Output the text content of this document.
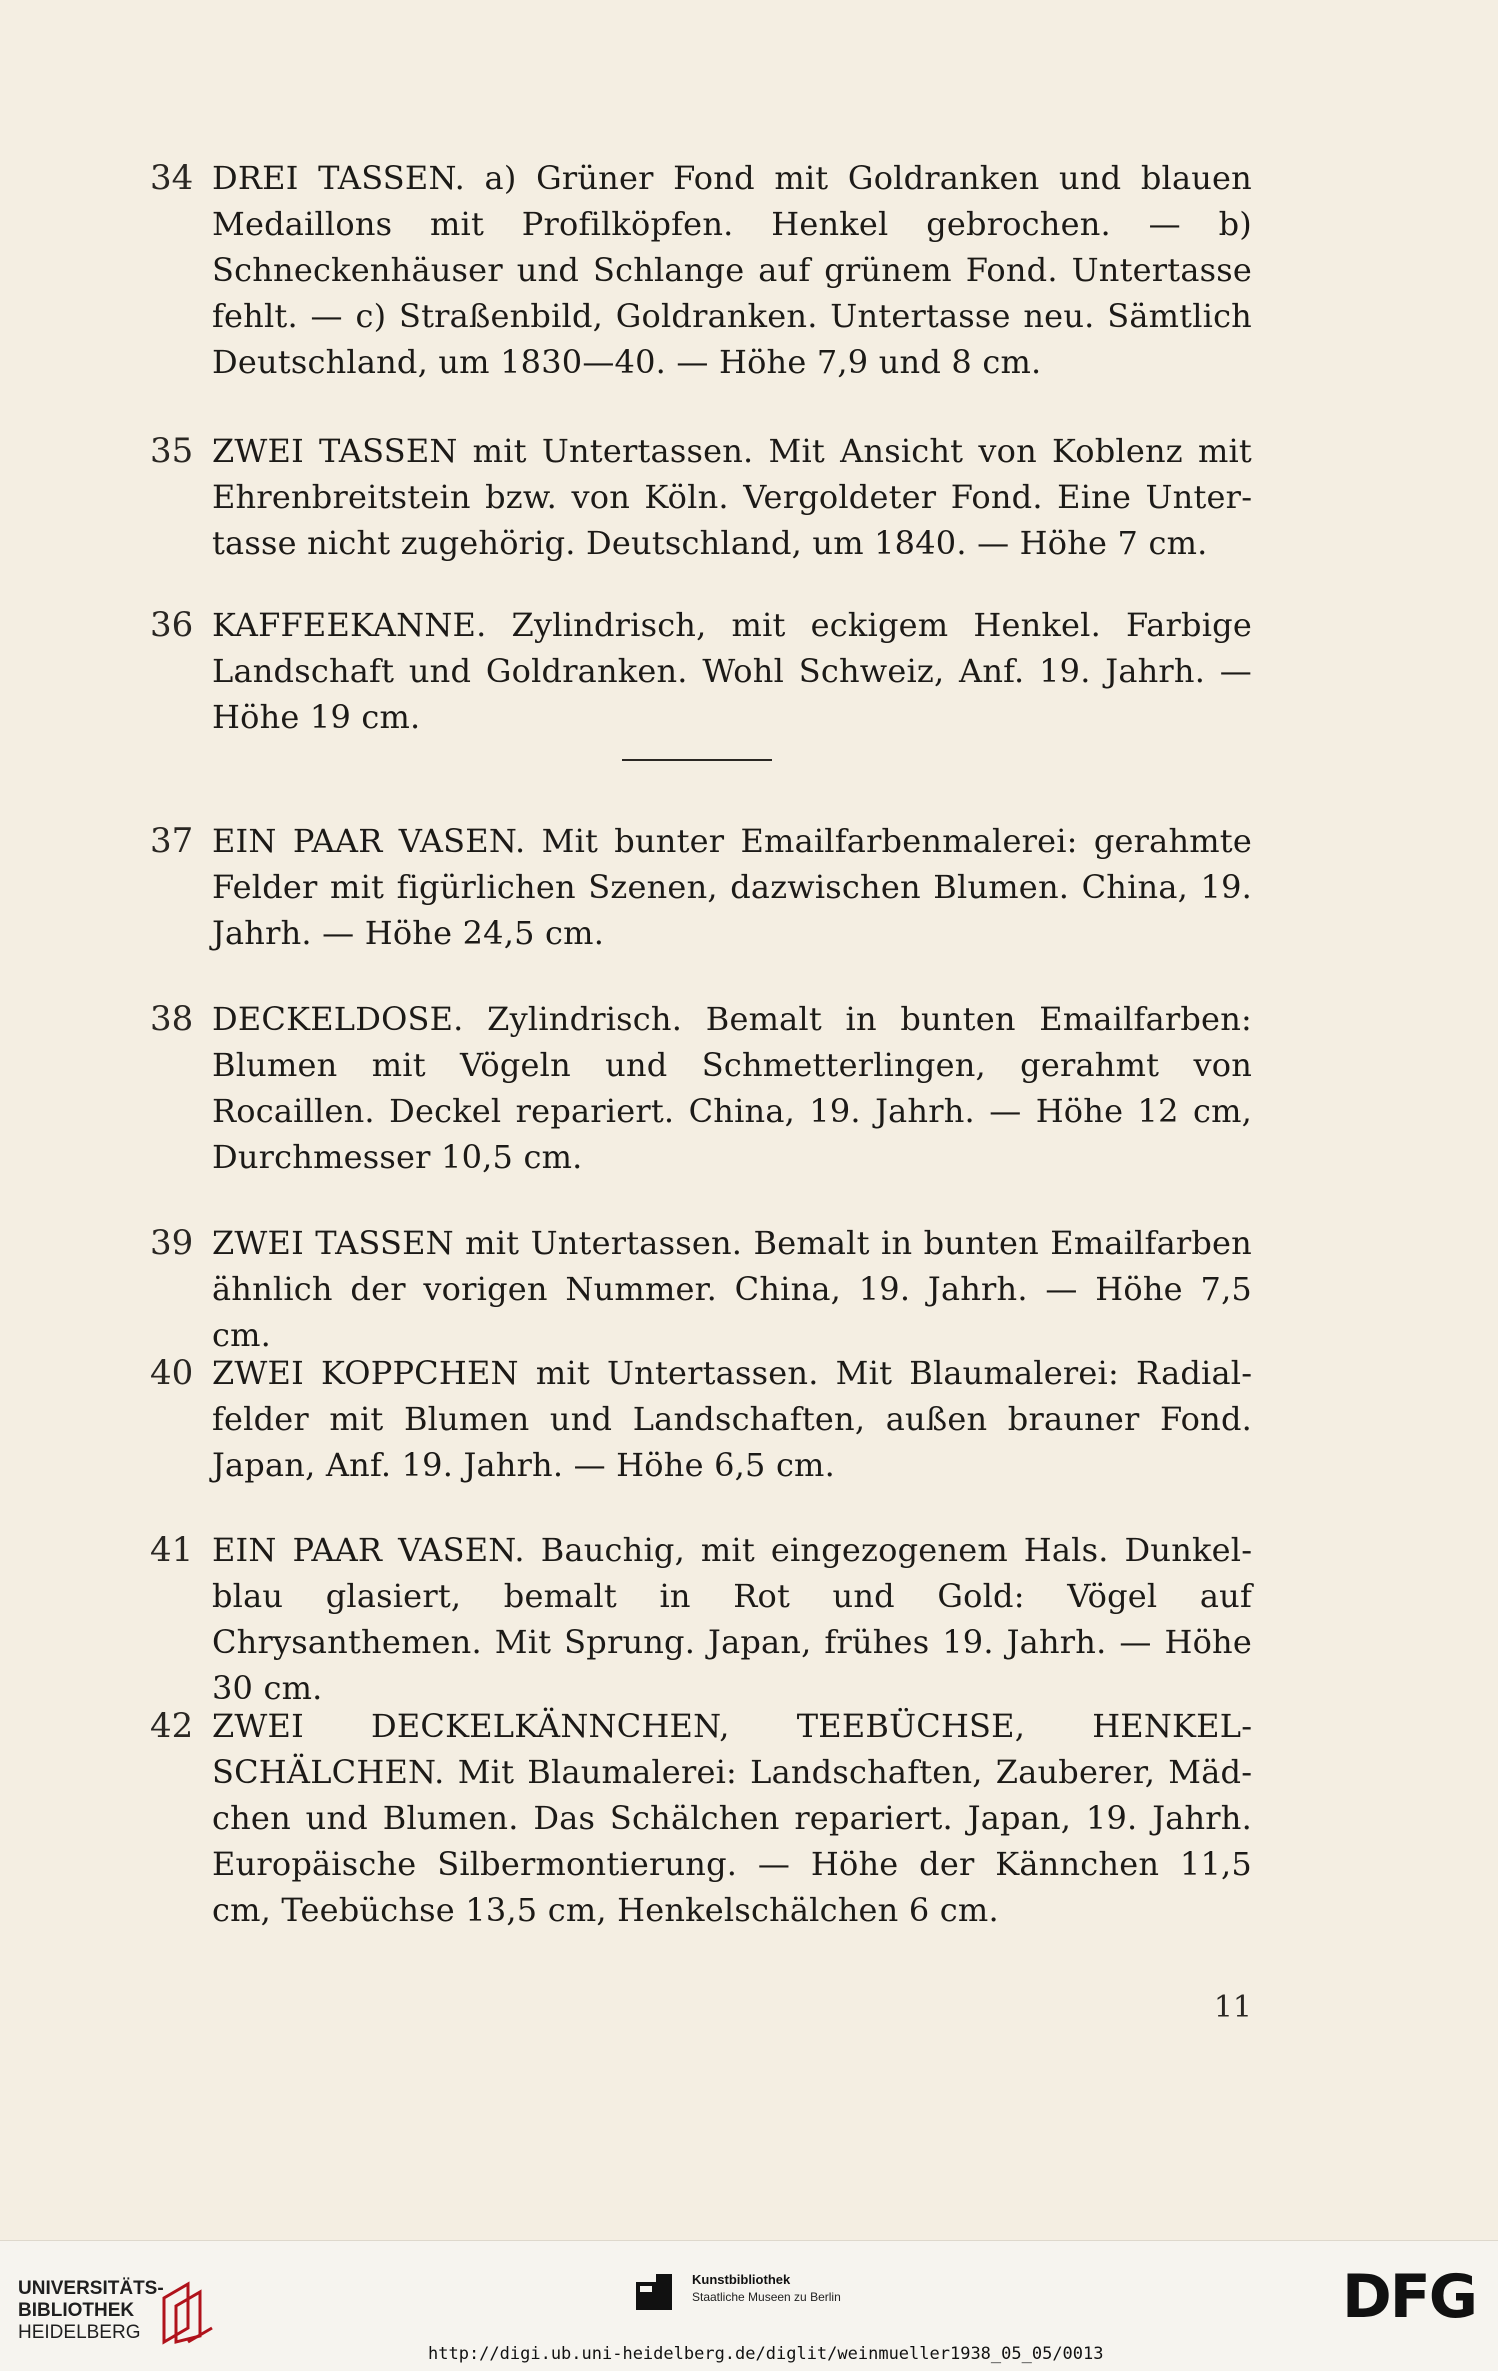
34 DREI TASSEN. a) Grüner Fond mit Goldranken und blauen Medaillons mit Profilköpfen. Henkel gebrochen. — b) Schneckenhäuser und Schlange auf grünem Fond. Untertasse fehlt. — c) Straßenbild, Goldranken. Untertasse neu. Sämtlich Deutschland, um 1830—40. — Höhe 7,9 und 8 cm.
35 ZWEI TASSEN mit Untertassen. Mit Ansicht von Koblenz mit Ehrenbreitstein bzw. von Köln. Vergoldeter Fond. Eine Untertasse nicht zugehörig. Deutschland, um 1840. — Höhe 7 cm.
36 KAFFEEKANNE. Zylindrisch, mit eckigem Henkel. Farbige Landschaft und Goldranken. Wohl Schweiz, Anf. 19. Jahrh. — Höhe 19 cm.
37 EIN PAAR VASEN. Mit bunter Emailfarbenmalerei: gerahmte Felder mit figürlichen Szenen, dazwischen Blumen. China, 19. Jahrh. — Höhe 24,5 cm.
38 DECKELDOSE. Zylindrisch. Bemalt in bunten Emailfarben: Blumen mit Vögeln und Schmetterlingen, gerahmt von Rocaillen. Deckel repariert. China, 19. Jahrh. — Höhe 12 cm, Durchmesser 10,5 cm.
39 ZWEI TASSEN mit Untertassen. Bemalt in bunten Emailfarben ähnlich der vorigen Nummer. China, 19. Jahrh. — Höhe 7,5 cm.
40 ZWEI KOPPCHEN mit Untertassen. Mit Blaumalerei: Radialfelder mit Blumen und Landschaften, außen brauner Fond. Japan, Anf. 19. Jahrh. — Höhe 6,5 cm.
41 EIN PAAR VASEN. Bauchig, mit eingezogenem Hals. Dunkelblau glasiert, bemalt in Rot und Gold: Vögel auf Chrysanthemen. Mit Sprung. Japan, frühes 19. Jahrh. — Höhe 30 cm.
42 ZWEI DECKELKÄNNCHEN, TEEBÜCHSE, HENKELSCHÄLCHEN. Mit Blaumalerei: Landschaften, Zauberer, Mädchen und Blumen. Das Schälchen repariert. Japan, 19. Jahrh. Europäische Silbermontierung. — Höhe der Kännchen 11,5 cm, Teebüchse 13,5 cm, Henkelschälchen 6 cm.
11
UNIVERSITÄTS-
BIBLIOTHEK
HEIDELBERG
Kunstbibliothek
Staatliche Museen zu Berlin	DFG
http://digi.ub.uni-heidelberg.de/diglit/weinmueller1938_05_05/0013
